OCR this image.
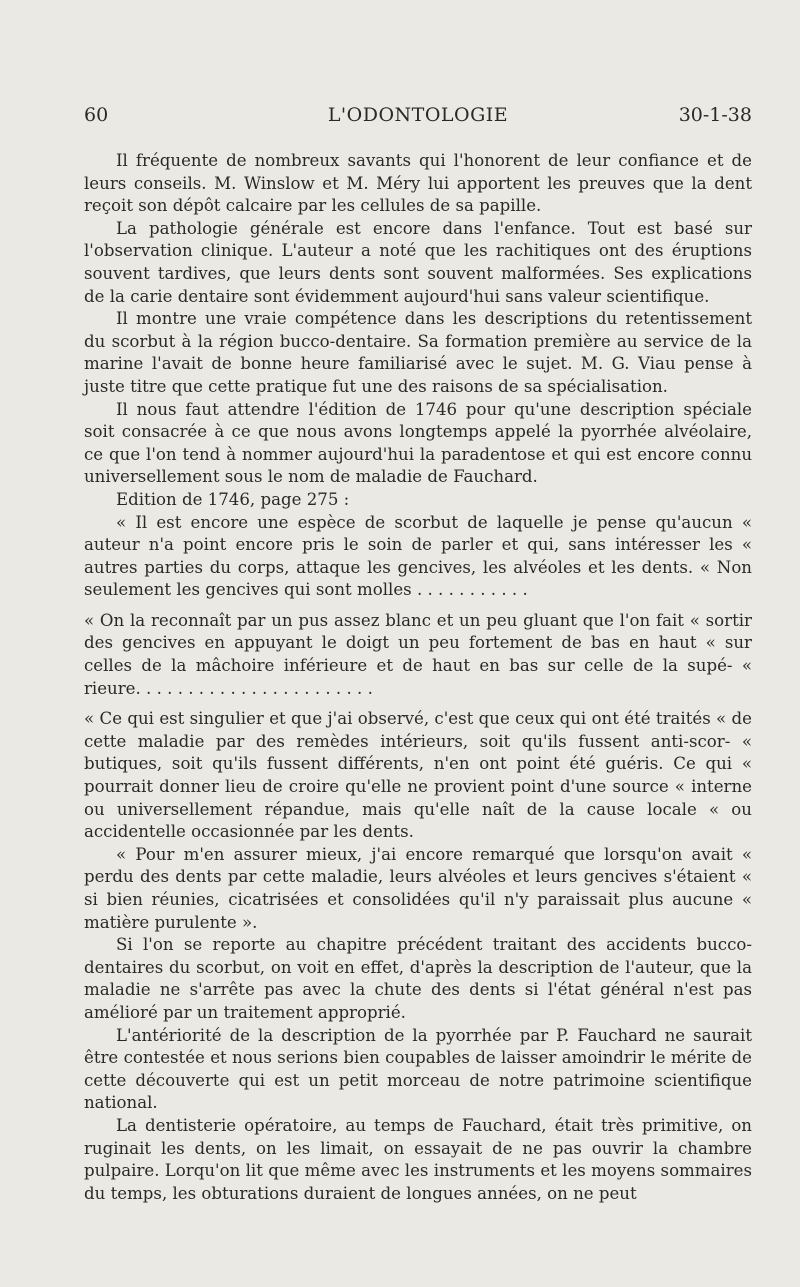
60	L'ODONTOLOGIE	30-1-38

Il fréquente de nombreux savants qui l'honorent de leur confiance et de leurs conseils. M. Winslow et M. Méry lui apportent les preuves que la dent reçoit son dépôt calcaire par les cellules de sa papille.

La pathologie générale est encore dans l'enfance. Tout est basé sur l'observation clinique. L'auteur a noté que les rachitiques ont des éruptions souvent tardives, que leurs dents sont souvent malformées. Ses explications de la carie dentaire sont évidemment aujourd'hui sans valeur scientifique.

Il montre une vraie compétence dans les descriptions du retentissement du scorbut à la région bucco-dentaire. Sa formation première au service de la marine l'avait de bonne heure familiarisé avec le sujet. M. G. Viau pense à juste titre que cette pratique fut une des raisons de sa spécialisation.

Il nous faut attendre l'édition de 1746 pour qu'une description spéciale soit consacrée à ce que nous avons longtemps appelé la pyorrhée alvéolaire, ce que l'on tend à nommer aujourd'hui la paradentose et qui est encore connu universellement sous le nom de maladie de Fauchard.

Edition de 1746, page 275 :

« Il est encore une espèce de scorbut de laquelle je pense qu'aucun « auteur n'a point encore pris le soin de parler et qui, sans intéresser les « autres parties du corps, attaque les gencives, les alvéoles et les dents. « Non seulement les gencives qui sont molles . . . . . . . . . . .

« On la reconnaît par un pus assez blanc et un peu gluant que l'on fait « sortir des gencives en appuyant le doigt un peu fortement de bas en haut « sur celles de la mâchoire inférieure et de haut en bas sur celle de la supé- « rieure. . . . . . . . . . . . . . . . . . . . . . .

« Ce qui est singulier et que j'ai observé, c'est que ceux qui ont été traités « de cette maladie par des remèdes intérieurs, soit qu'ils fussent anti-scor- « butiques, soit qu'ils fussent différents, n'en ont point été guéris. Ce qui « pourrait donner lieu de croire qu'elle ne provient point d'une source « interne ou universellement répandue, mais qu'elle naît de la cause locale « ou accidentelle occasionnée par les dents.

« Pour m'en assurer mieux, j'ai encore remarqué que lorsqu'on avait « perdu des dents par cette maladie, leurs alvéoles et leurs gencives s'étaient « si bien réunies, cicatrisées et consolidées qu'il n'y paraissait plus aucune « matière purulente ».

Si l'on se reporte au chapitre précédent traitant des accidents bucco-dentaires du scorbut, on voit en effet, d'après la description de l'auteur, que la maladie ne s'arrête pas avec la chute des dents si l'état général n'est pas amélioré par un traitement approprié.

L'antériorité de la description de la pyorrhée par P. Fauchard ne saurait être contestée et nous serions bien coupables de laisser amoindrir le mérite de cette découverte qui est un petit morceau de notre patrimoine scientifique national.

La dentisterie opératoire, au temps de Fauchard, était très primitive, on ruginait les dents, on les limait, on essayait de ne pas ouvrir la chambre pulpaire. Lorqu'on lit que même avec les instruments et les moyens sommaires du temps, les obturations duraient de longues années, on ne peut
